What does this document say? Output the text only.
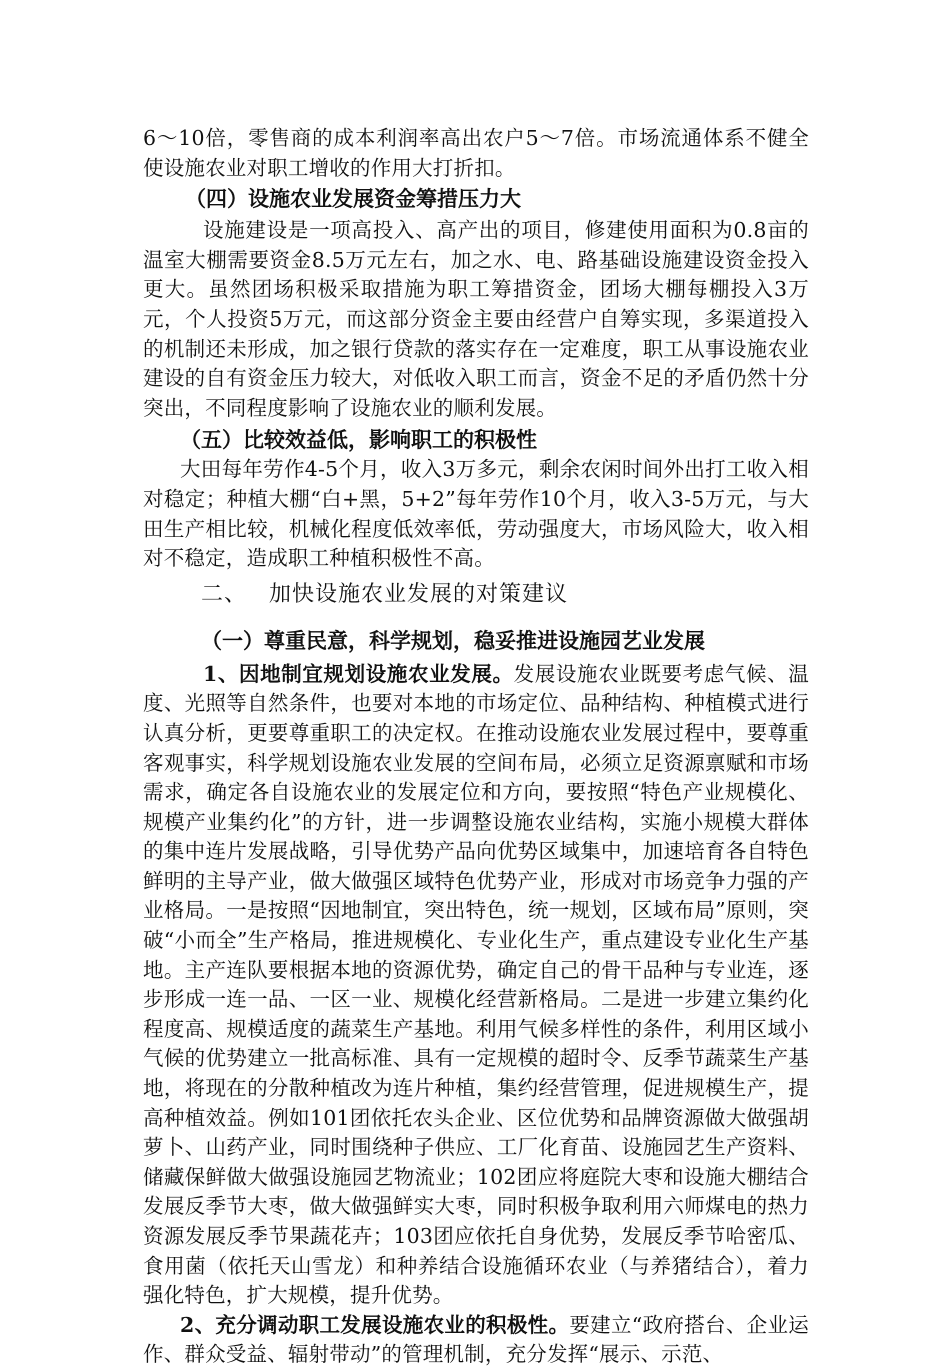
6～10倍，零售商的成本利润率高出农户5～7倍。市场流通体系不健全使设施农业对职工增收的作用大打折扣。

（四）设施农业发展资金筹措压力大

设施建设是一项高投入、高产出的项目，修建使用面积为0.8亩的温室大棚需要资金8.5万元左右，加之水、电、路基础设施建设资金投入更大。虽然团场积极采取措施为职工筹措资金，团场大棚每棚投入3万元，个人投资5万元，而这部分资金主要由经营户自筹实现，多渠道投入的机制还未形成，加之银行贷款的落实存在一定难度，职工从事设施农业建设的自有资金压力较大，对低收入职工而言，资金不足的矛盾仍然十分突出，不同程度影响了设施农业的顺利发展。

（五）比较效益低，影响职工的积极性

大田每年劳作4-5个月，收入3万多元，剩余农闲时间外出打工收入相对稳定；种植大棚“白+黑，5+2”每年劳作10个月，收入3-5万元，与大田生产相比较，机械化程度低效率低，劳动强度大，市场风险大，收入相对不稳定，造成职工种植积极性不高。

二、 加快设施农业发展的对策建议
（一）尊重民意，科学规划，稳妥推进设施园艺业发展

1、因地制宜规划设施农业发展。发展设施农业既要考虑气候、温度、光照等自然条件，也要对本地的市场定位、品种结构、种植模式进行认真分析，更要尊重职工的决定权。在推动设施农业发展过程中，要尊重客观事实，科学规划设施农业发展的空间布局，必须立足资源禀赋和市场需求，确定各自设施农业的发展定位和方向，要按照“特色产业规模化、规模产业集约化”的方针，进一步调整设施农业结构，实施小规模大群体的集中连片发展战略，引导优势产品向优势区域集中，加速培育各自特色鲜明的主导产业，做大做强区域特色优势产业，形成对市场竞争力强的产业格局。一是按照“因地制宜，突出特色，统一规划，区域布局”原则，突破“小而全”生产格局，推进规模化、专业化生产，重点建设专业化生产基地。主产连队要根据本地的资源优势，确定自己的骨干品种与专业连，逐步形成一连一品、一区一业、规模化经营新格局。二是进一步建立集约化程度高、规模适度的蔬菜生产基地。利用气候多样性的条件，利用区域小气候的优势建立一批高标准、具有一定规模的超时令、反季节蔬菜生产基地，将现在的分散种植改为连片种植，集约经营管理，促进规模生产，提高种植效益。例如101团依托农头企业、区位优势和品牌资源做大做强胡萝卜、山药产业，同时围绕种子供应、工厂化育苗、设施园艺生产资料、储藏保鲜做大做强设施园艺物流业；102团应将庭院大枣和设施大棚结合发展反季节大枣，做大做强鲜实大枣，同时积极争取利用六师煤电的热力资源发展反季节果蔬花卉；103团应依托自身优势，发展反季节哈密瓜、食用菌（依托天山雪龙）和种养结合设施循环农业（与养猪结合），着力强化特色，扩大规模，提升优势。

2、充分调动职工发展设施农业的积极性。要建立“政府搭台、企业运作、群众受益、辐射带动”的管理机制，充分发挥“展示、示范、
